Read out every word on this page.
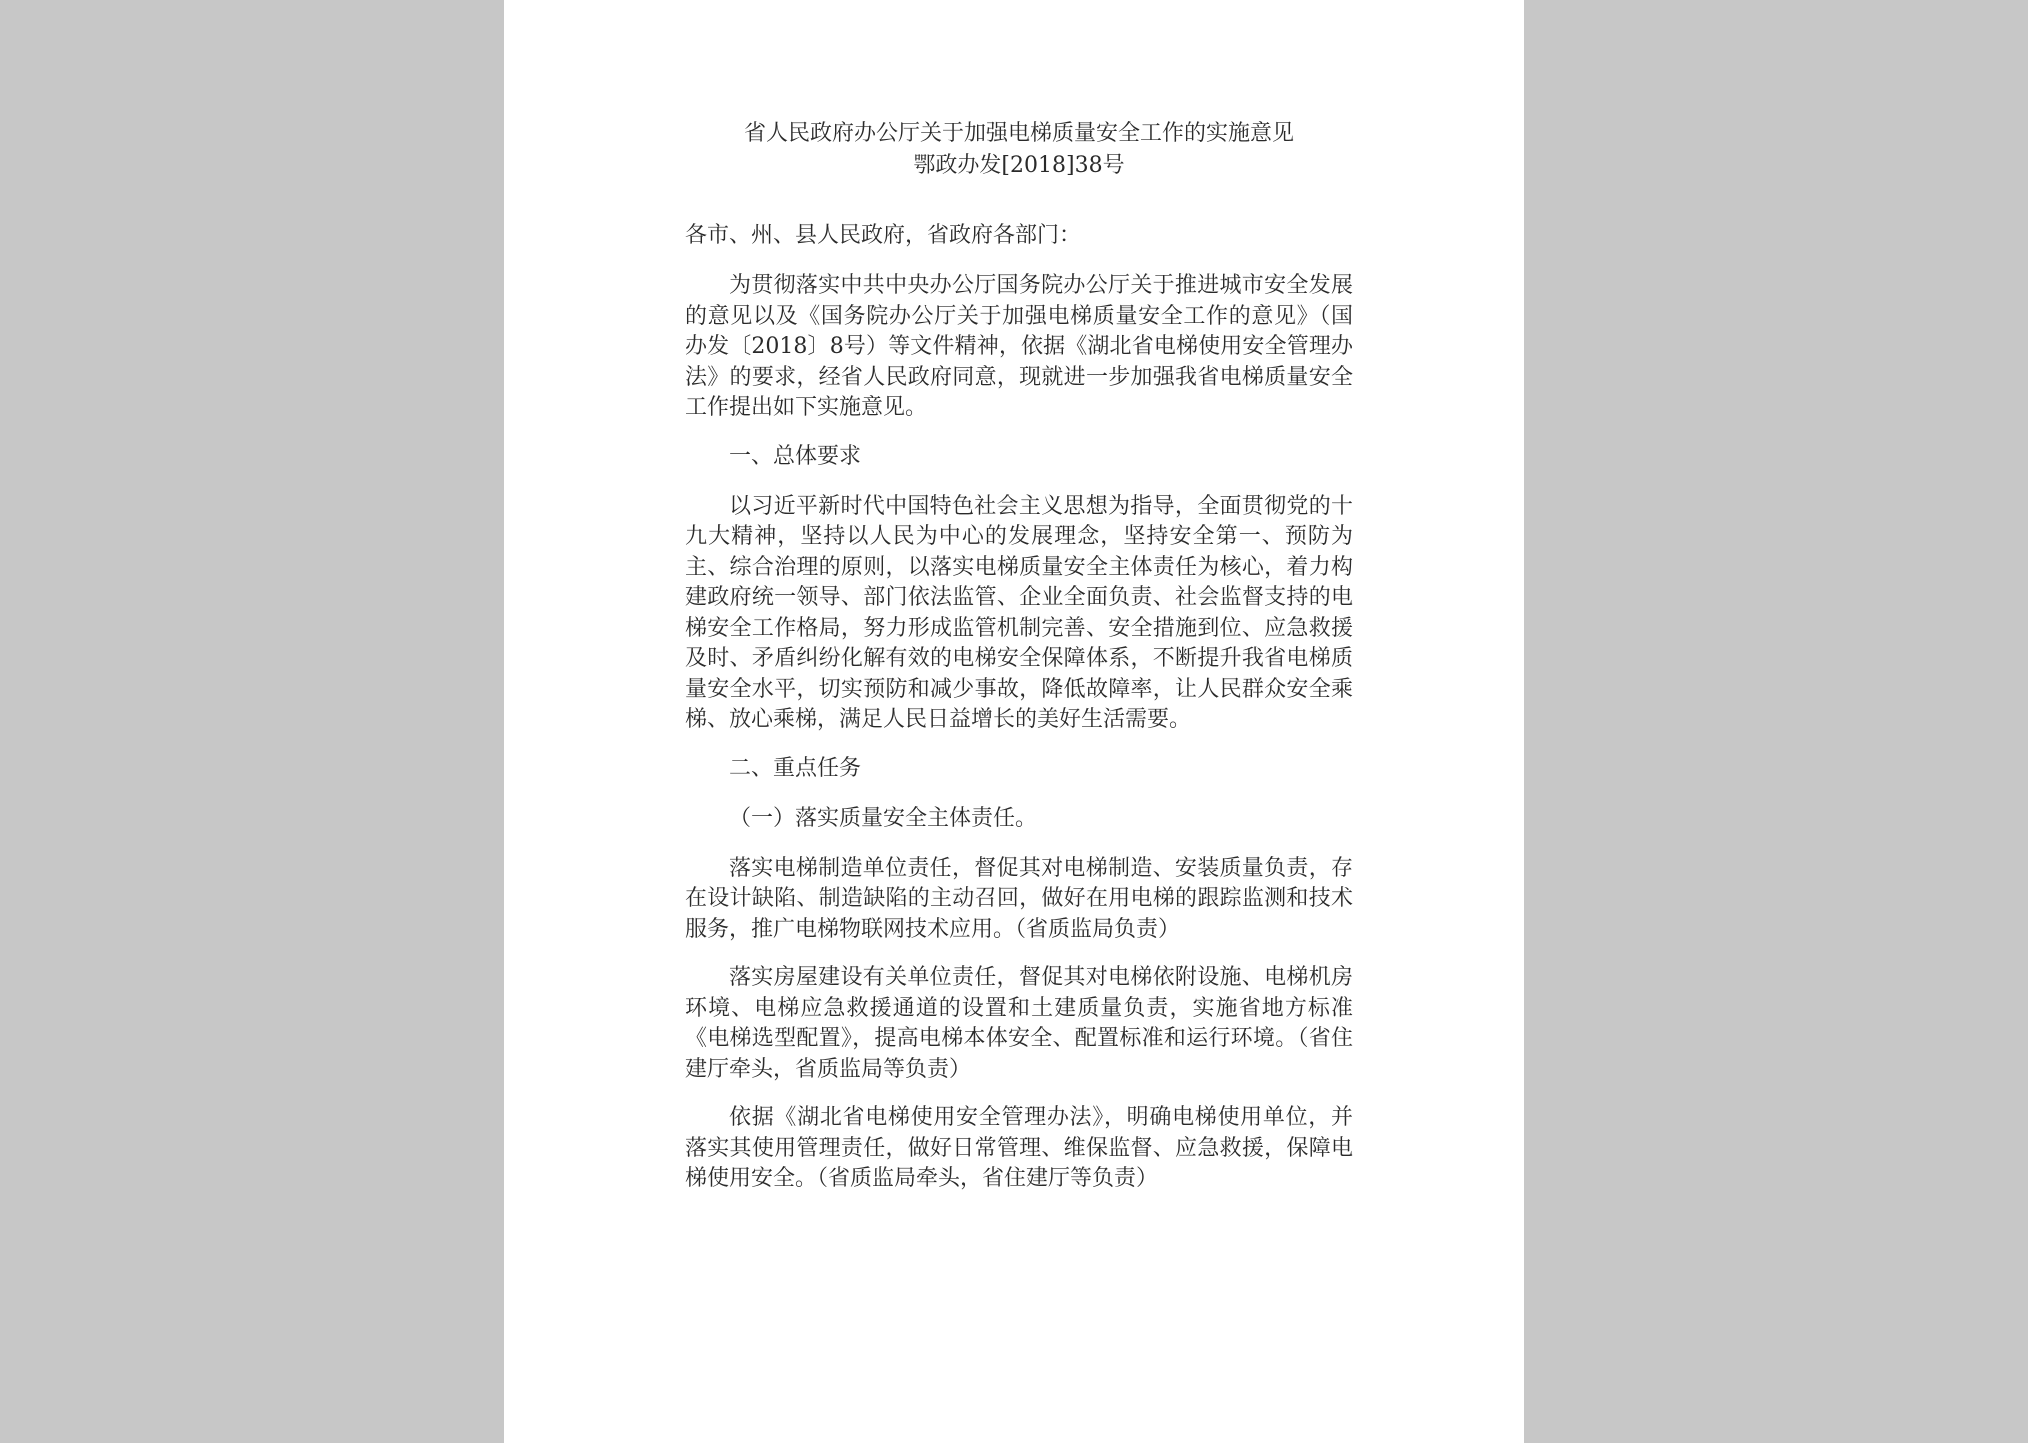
省人民政府办公厅关于加强电梯质量安全工作的实施意见
鄂政办发[2018]38号

各市、州、县人民政府，省政府各部门：

为贯彻落实中共中央办公厅国务院办公厅关于推进城市安全发展的意见以及《国务院办公厅关于加强电梯质量安全工作的意见》（国办发〔2018〕8号）等文件精神，依据《湖北省电梯使用安全管理办法》的要求，经省人民政府同意，现就进一步加强我省电梯质量安全工作提出如下实施意见。

一、总体要求

以习近平新时代中国特色社会主义思想为指导，全面贯彻党的十九大精神，坚持以人民为中心的发展理念，坚持安全第一、预防为主、综合治理的原则，以落实电梯质量安全主体责任为核心，着力构建政府统一领导、部门依法监管、企业全面负责、社会监督支持的电梯安全工作格局，努力形成监管机制完善、安全措施到位、应急救援及时、矛盾纠纷化解有效的电梯安全保障体系，不断提升我省电梯质量安全水平，切实预防和减少事故，降低故障率，让人民群众安全乘梯、放心乘梯，满足人民日益增长的美好生活需要。

二、重点任务

（一）落实质量安全主体责任。

落实电梯制造单位责任，督促其对电梯制造、安装质量负责，存在设计缺陷、制造缺陷的主动召回，做好在用电梯的跟踪监测和技术服务，推广电梯物联网技术应用。（省质监局负责）

落实房屋建设有关单位责任，督促其对电梯依附设施、电梯机房环境、电梯应急救援通道的设置和土建质量负责，实施省地方标准《电梯选型配置》，提高电梯本体安全、配置标准和运行环境。（省住建厅牵头，省质监局等负责）

依据《湖北省电梯使用安全管理办法》，明确电梯使用单位，并落实其使用管理责任，做好日常管理、维保监督、应急救援，保障电梯使用安全。（省质监局牵头，省住建厅等负责）
